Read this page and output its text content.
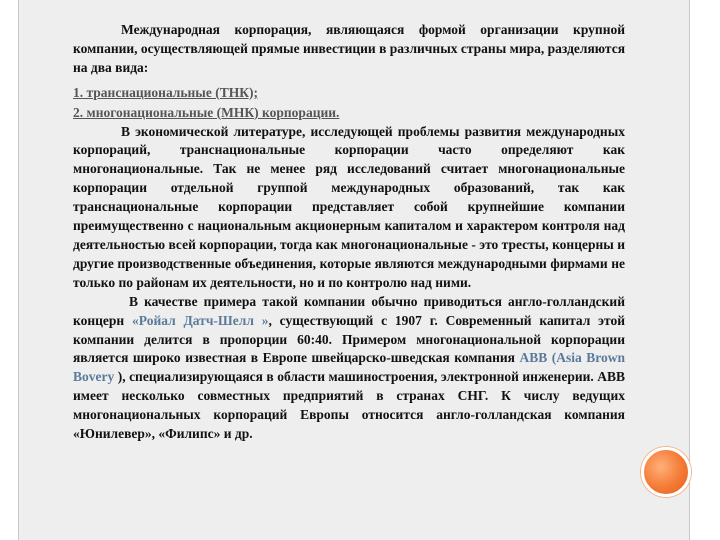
Международная корпорация, являющаяся формой организации крупной компании, осуществляющей прямые инвестиции в различных страны мира, разделяются на два вида:

1. транснациональные (ТНК);

2. многонациональные (МНК) корпорации.

В экономической литературе, исследующей проблемы развития международных корпораций, транснациональные корпорации часто определяют как многонациональные. Так не менее ряд исследований считает многонациональные корпорации отдельной группой международных образований, так как транснациональные корпорации представляет собой крупнейшие компании преимущественно с национальным акционерным капиталом и характером контроля над деятельностью всей корпорации, тогда как многонациональные - это тресты, концерны и другие производственные объединения, которые являются международными фирмами не только по районам их деятельности, но и по контролю над ними.

В качестве примера такой компании обычно приводиться англо-голландский концерн «Ройал Датч-Шелл », существующий с 1907 г. Современный капитал этой компании делится в пропорции 60:40. Примером многонациональной корпорации является широко известная в Европе швейцарско-шведская компания АВВ (Asia Brown Bovery ), специализирующаяся в области машиностроения, электронной инженерии. АВВ имеет несколько совместных предприятий в странах СНГ. К числу ведущих многонациональных корпораций Европы относится англо-голландская компания «Юнилевер», «Филипс» и др.
